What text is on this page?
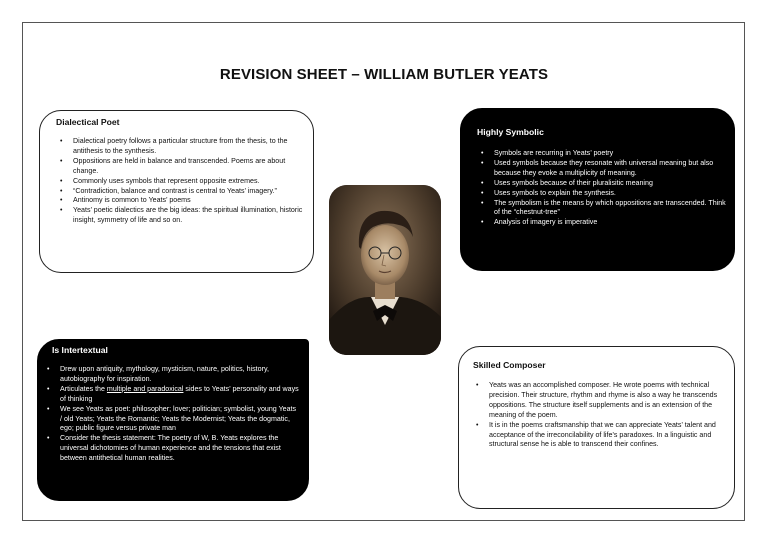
REVISION SHEET – WILLIAM BUTLER YEATS
Dialectical Poet
• Dialectical poetry follows a particular structure from the thesis, to the antithesis to the synthesis.
• Oppositions are held in balance and transcended. Poems are about change.
• Commonly uses symbols that represent opposite extremes.
• “Contradiction, balance and contrast is central to Yeats’ imagery.”
• Antinomy is common to Yeats’ poems
• Yeats’ poetic dialectics are the big ideas: the spiritual illumination, historic insight, symmetry of life and so on.
Highly Symbolic
• Symbols are recurring in Yeats’ poetry
• Used symbols because they resonate with universal meaning but also because they evoke a multiplicity of meaning.
• Uses symbols because of their pluralisitic meaning
• Uses symbols to explain the synthesis.
• The symbolism is the means by which oppositions are transcended. Think of the “chestnut-tree”
• Analysis of imagery is imperative
Is Intertextual
• Drew upon antiquity, mythology, mysticism, nature, politics, history, autobiography for inspiration.
• Articulates the multiple and paradoxical sides to Yeats’ personality and ways of thinking
• We see Yeats as poet: philosopher; lover; politician; symbolist, young Yeats / old Yeats; Yeats the Romantic; Yeats the Modernist; Yeats the dogmatic, ego; public figure versus private man
• Consider the thesis statement: The poetry of W, B. Yeats explores the universal dichotomies of human experience and the tensions that exist between antithetical human realities.
Skilled Composer
• Yeats was an accomplished composer. He wrote poems with technical precision. Their structure, rhythm and rhyme is also a way he transcends oppositions. The structure itself supplements and is an extension of the meaning of the poem.
• It is in the poems craftsmanship that we can appreciate Yeats’ talent and acceptance of the irreconcilability of life’s paradoxes. In a linguistic and structural sense he is able to transcend their confines.
